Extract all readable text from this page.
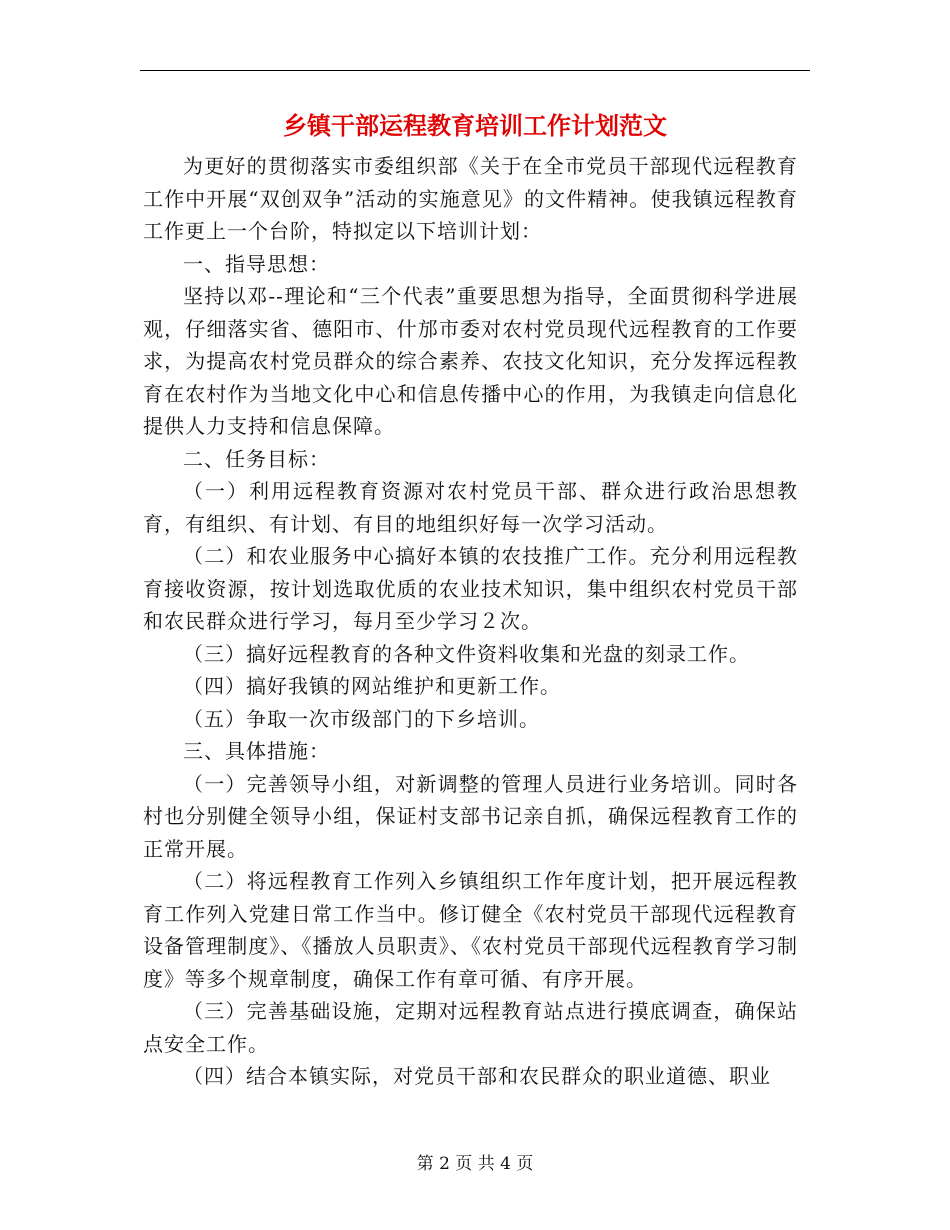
乡镇干部运程教育培训工作计划范文

为更好的贯彻落实市委组织部《关于在全市党员干部现代远程教育工作中开展“双创双争”活动的实施意见》的文件精神。使我镇远程教育工作更上一个台阶，特拟定以下培训计划：

一、指导思想：

坚持以邓--理论和“三个代表”重要思想为指导，全面贯彻科学进展观，仔细落实省、德阳市、什邡市委对农村党员现代远程教育的工作要求，为提高农村党员群众的综合素养、农技文化知识，充分发挥远程教育在农村作为当地文化中心和信息传播中心的作用，为我镇走向信息化提供人力支持和信息保障。

二、任务目标：

（一）利用远程教育资源对农村党员干部、群众进行政治思想教育，有组织、有计划、有目的地组织好每一次学习活动。

（二）和农业服务中心搞好本镇的农技推广工作。充分利用远程教育接收资源，按计划选取优质的农业技术知识，集中组织农村党员干部和农民群众进行学习，每月至少学习２次。

（三）搞好远程教育的各种文件资料收集和光盘的刻录工作。

（四）搞好我镇的网站维护和更新工作。

（五）争取一次市级部门的下乡培训。

三、具体措施：

（一）完善领导小组，对新调整的管理人员进行业务培训。同时各村也分别健全领导小组，保证村支部书记亲自抓，确保远程教育工作的正常开展。

（二）将远程教育工作列入乡镇组织工作年度计划，把开展远程教育工作列入党建日常工作当中。修订健全《农村党员干部现代远程教育设备管理制度》、《播放人员职责》、《农村党员干部现代远程教育学习制度》等多个规章制度，确保工作有章可循、有序开展。

（三）完善基础设施，定期对远程教育站点进行摸底调查，确保站点安全工作。

（四）结合本镇实际，对党员干部和农民群众的职业道德、职业

第 2 页 共 4 页
